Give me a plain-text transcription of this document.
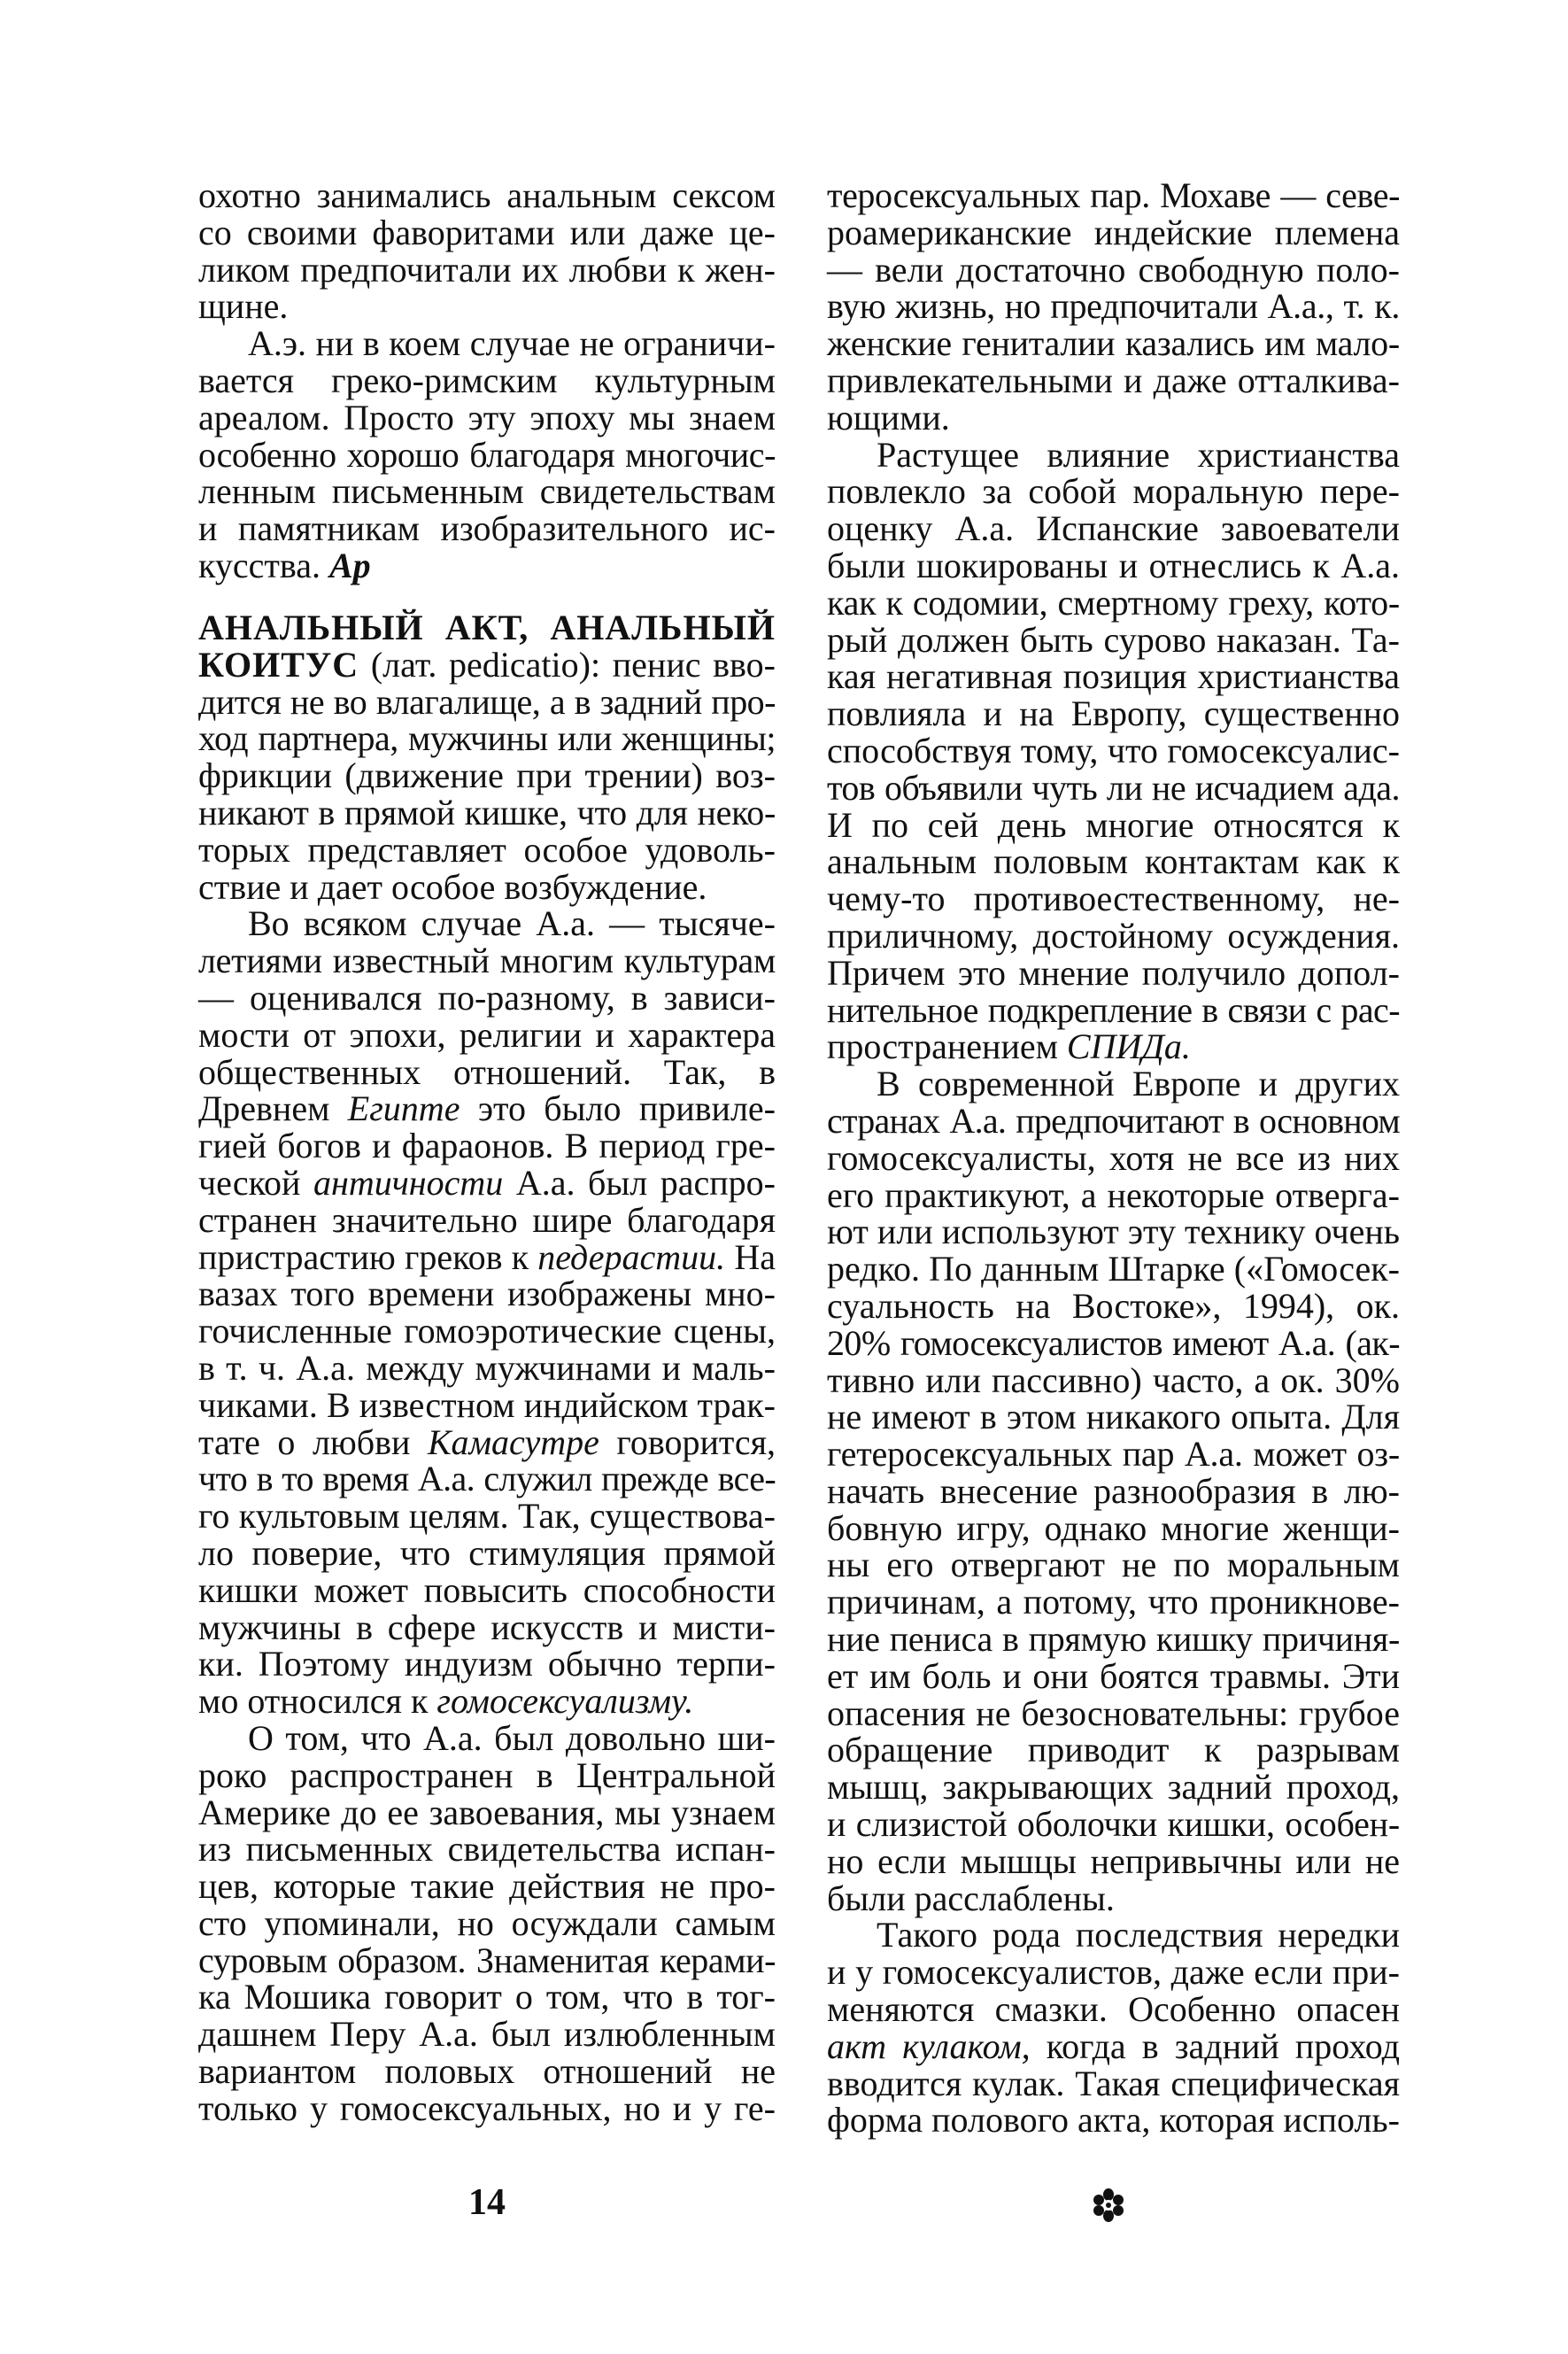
охотно занимались анальным сексом
со своими фаворитами или даже це-
ликом предпочитали их любви к жен-
щине.
А.э. ни в коем случае не ограничи-
вается греко-римским культурным
ареалом. Просто эту эпоху мы знаем
особенно хорошо благодаря многочис-
ленным письменным свидетельствам
и памятникам изобразительного ис-
кусства. Ар
АНАЛЬНЫЙ АКТ, АНАЛЬНЫЙ
КОИТУС (лат. pedicatio): пенис вво-
дится не во влагалище, а в задний про-
ход партнера, мужчины или женщины;
фрикции (движение при трении) воз-
никают в прямой кишке, что для неко-
торых представляет особое удоволь-
ствие и дает особое возбуждение.
Во всяком случае А.а. — тысяче-
летиями известный многим культурам
— оценивался по-разному, в зависи-
мости от эпохи, религии и характера
общественных отношений. Так, в
Древнем Египте это было привиле-
гией богов и фараонов. В период гре-
ческой античности А.а. был распро-
странен значительно шире благодаря
пристрастию греков к педерастии. На
вазах того времени изображены мно-
гочисленные гомоэротические сцены,
в т. ч. А.а. между мужчинами и маль-
чиками. В известном индийском трак-
тате о любви Камасутре говорится,
что в то время А.а. служил прежде все-
го культовым целям. Так, существова-
ло поверие, что стимуляция прямой
кишки может повысить способности
мужчины в сфере искусств и мисти-
ки. Поэтому индуизм обычно терпи-
мо относился к гомосексуализму.
О том, что А.а. был довольно ши-
роко распространен в Центральной
Америке до ее завоевания, мы узнаем
из письменных свидетельства испан-
цев, которые такие действия не про-
сто упоминали, но осуждали самым
суровым образом. Знаменитая керами-
ка Мошика говорит о том, что в тог-
дашнем Перу А.а. был излюбленным
вариантом половых отношений не
только у гомосексуальных, но и у ге-
теросексуальных пар. Мохаве — севе-
роамериканские индейские племена
— вели достаточно свободную поло-
вую жизнь, но предпочитали А.а., т. к.
женские гениталии казались им мало-
привлекательными и даже отталкива-
ющими.
Растущее влияние христианства
повлекло за собой моральную пере-
оценку А.а. Испанские завоеватели
были шокированы и отнеслись к А.а.
как к содомии, смертному греху, кото-
рый должен быть сурово наказан. Та-
кая негативная позиция христианства
повлияла и на Европу, существенно
способствуя тому, что гомосексуалис-
тов объявили чуть ли не исчадием ада.
И по сей день многие относятся к
анальным половым контактам как к
чему-то противоестественному, не-
приличному, достойному осуждения.
Причем это мнение получило допол-
нительное подкрепление в связи с рас-
пространением СПИДа.
В современной Европе и других
странах А.а. предпочитают в основном
гомосексуалисты, хотя не все из них
его практикуют, а некоторые отверга-
ют или используют эту технику очень
редко. По данным Штарке («Гомосек-
суальность на Востоке», 1994), ок.
20% гомосексуалистов имеют А.а. (ак-
тивно или пассивно) часто, а ок. 30%
не имеют в этом никакого опыта. Для
гетеросексуальных пар А.а. может оз-
начать внесение разнообразия в лю-
бовную игру, однако многие женщи-
ны его отвергают не по моральным
причинам, а потому, что проникнове-
ние пениса в прямую кишку причиня-
ет им боль и они боятся травмы. Эти
опасения не безосновательны: грубое
обращение приводит к разрывам
мышц, закрывающих задний проход,
и слизистой оболочки кишки, особен-
но если мышцы непривычны или не
были расслаблены.
Такого рода последствия нередки
и у гомосексуалистов, даже если при-
меняются смазки. Особенно опасен
акт кулаком, когда в задний проход
вводится кулак. Такая специфическая
форма полового акта, которая исполь-
14
